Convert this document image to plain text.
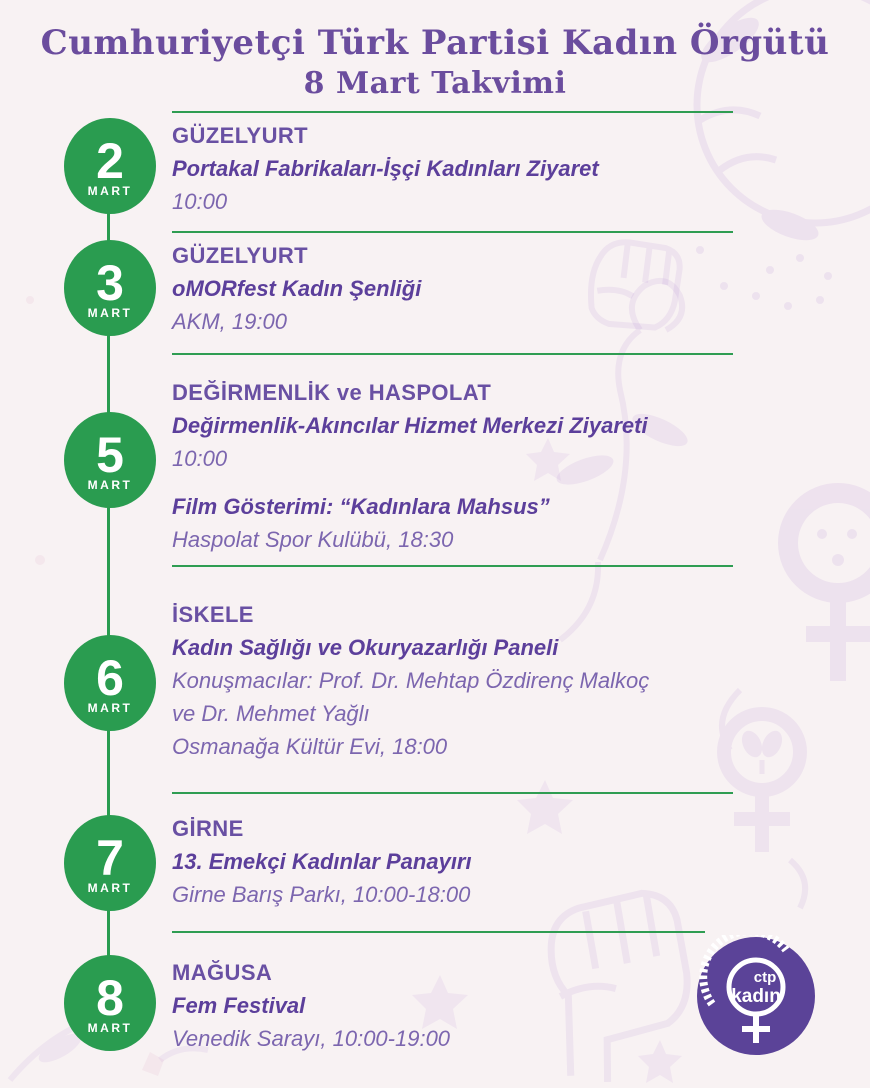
Cumhuriyetçi Türk Partisi Kadın Örgütü
8 Mart Takvimi
2
MART
3
MART
5
MART
6
MART
7
MART
8
MART
GÜZELYURT
Portakal Fabrikaları-İşçi Kadınları Ziyaret
10:00
GÜZELYURT
oMORfest Kadın Şenliği
AKM, 19:00
DEĞİRMENLİK ve HASPOLAT
Değirmenlik-Akıncılar Hizmet Merkezi Ziyareti
10:00
Film Gösterimi: “Kadınlara Mahsus”
Haspolat Spor Kulübü, 18:30
İSKELE
Kadın Sağlığı ve Okuryazarlığı Paneli
Konuşmacılar: Prof. Dr. Mehtap Özdirenç Malkoç
ve Dr. Mehmet Yağlı
Osmanağa Kültür Evi, 18:00
GİRNE
13. Emekçi Kadınlar Panayırı
Girne Barış Parkı, 10:00-18:00
MAĞUSA
Fem Festival
Venedik Sarayı, 10:00-19:00
ctp
kadın
